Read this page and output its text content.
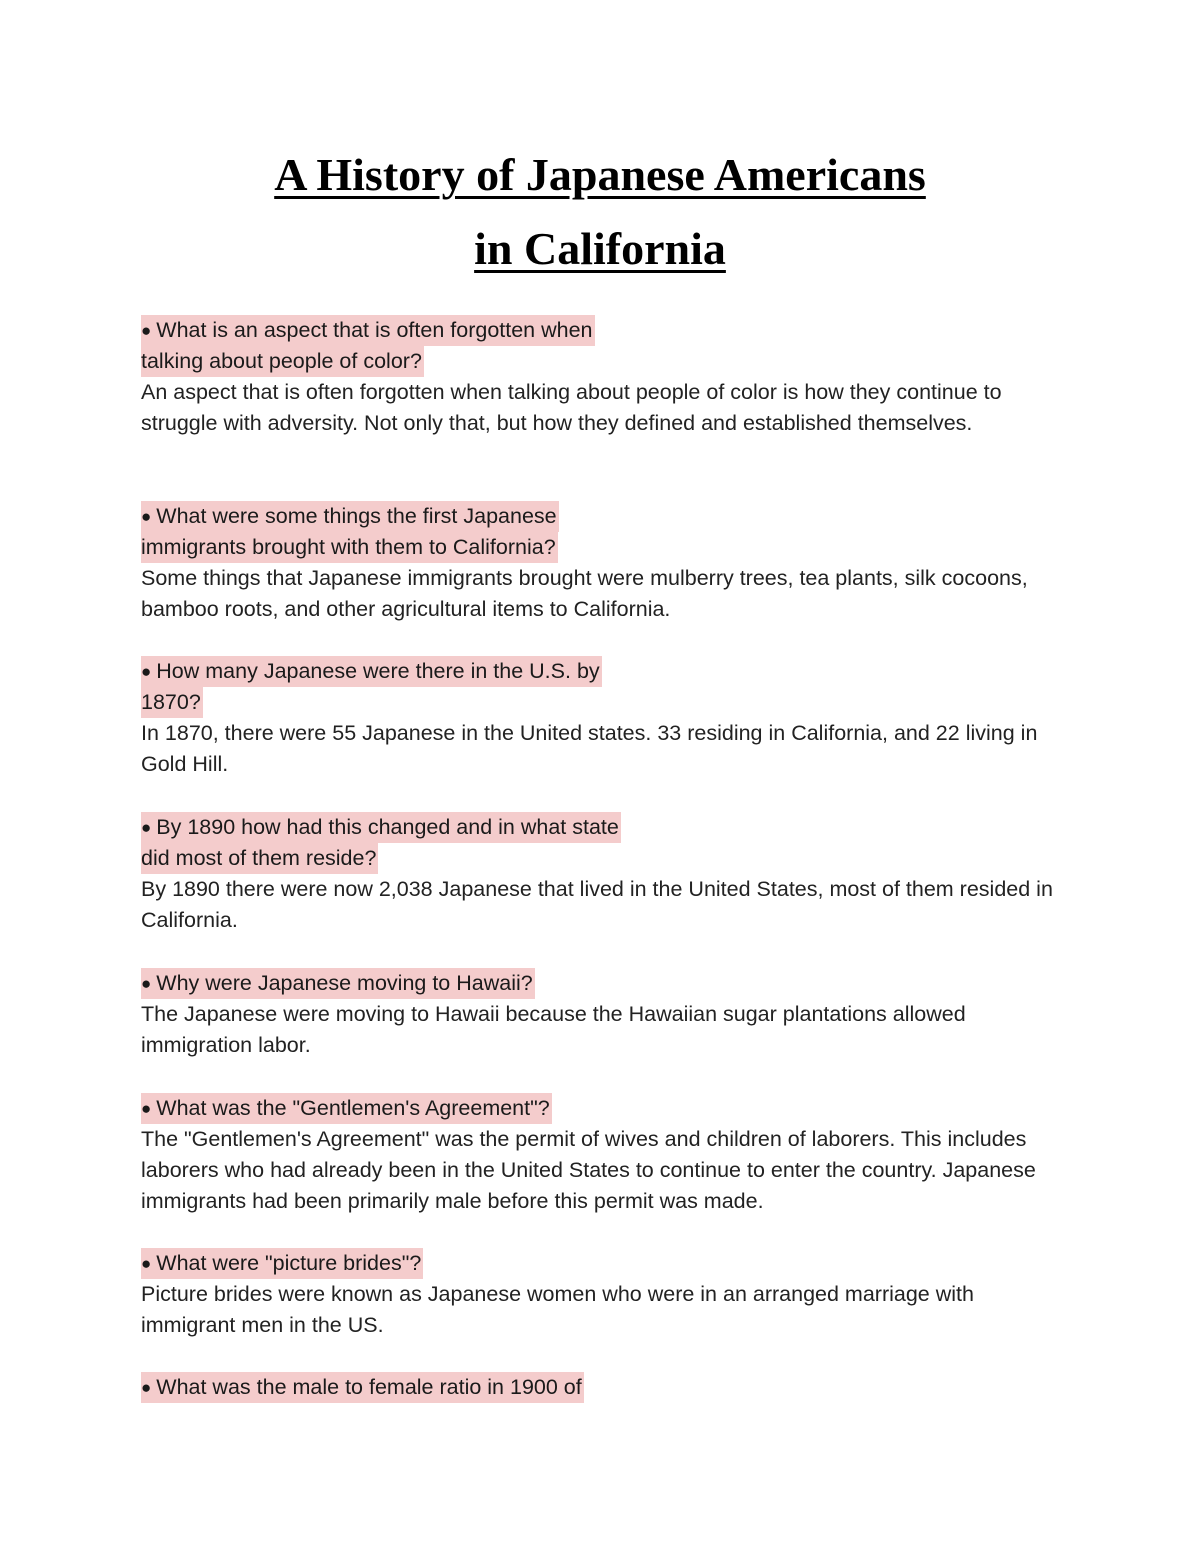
A History of Japanese Americans
in California
● What is an aspect that is often forgotten when
talking about people of color?

An aspect that is often forgotten when talking about people of color is how they continue to struggle with adversity. Not only that, but how they defined and established themselves.

● What were some things the first Japanese
immigrants brought with them to California?

Some things that Japanese immigrants brought were mulberry trees, tea plants, silk cocoons, bamboo roots, and other agricultural items to California.

● How many Japanese were there in the U.S. by
1870?

In 1870, there were 55 Japanese in the United states. 33 residing in California, and 22 living in Gold Hill.

● By 1890 how had this changed and in what state
did most of them reside?

By 1890 there were now 2,038 Japanese that lived in the United States, most of them resided in California.

● Why were Japanese moving to Hawaii?

The Japanese were moving to Hawaii because the Hawaiian sugar plantations allowed immigration labor.

● What was the "Gentlemen's Agreement"?

The "Gentlemen's Agreement" was the permit of wives and children of laborers. This includes laborers who had already been in the United States to continue to enter the country. Japanese immigrants had been primarily male before this permit was made.

● What were "picture brides"?

Picture brides were known as Japanese women who were in an arranged marriage with immigrant men in the US.

● What was the male to female ratio in 1900 of
